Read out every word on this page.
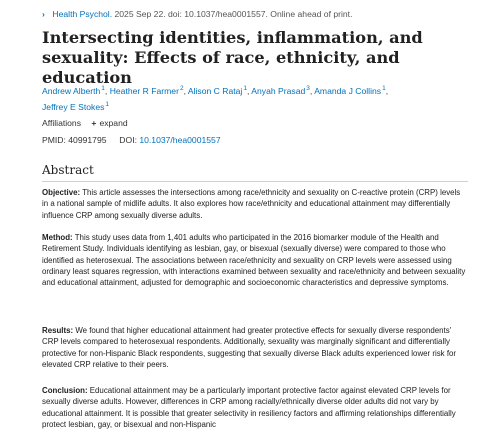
› Health Psychol. 2025 Sep 22. doi: 10.1037/hea0001557. Online ahead of print.
Intersecting identities, inflammation, and sexuality: Effects of race, ethnicity, and education
Andrew Alberth$^1$, Heather R Farmer$^2$, Alison C Rataj$^1$, Anyah Prasad$^3$, Amanda J Collins$^1$,
Jeffrey E Stokes$^1$
Affiliations + expand
PMID: 40991795 DOI: 10.1037/hea0001557
Abstract

Objective: This article assesses the intersections among race/ethnicity and sexuality on C-reactive protein (CRP) levels in a national sample of midlife adults. It also explores how race/ethnicity and educational attainment may differentially influence CRP among sexually diverse adults.

Method: This study uses data from 1,401 adults who participated in the 2016 biomarker module of the Health and Retirement Study. Individuals identifying as lesbian, gay, or bisexual (sexually diverse) were compared to those who identified as heterosexual. The associations between race/ethnicity and sexuality on CRP levels were assessed using ordinary least squares regression, with interactions examined between sexuality and race/ethnicity and between sexuality and educational attainment, adjusted for demographic and socioeconomic characteristics and depressive symptoms.

Results: We found that higher educational attainment had greater protective effects for sexually diverse respondents' CRP levels compared to heterosexual respondents. Additionally, sexuality was marginally significant and differentially protective for non-Hispanic Black respondents, suggesting that sexually diverse Black adults experienced lower risk for elevated CRP relative to their peers.

Conclusion: Educational attainment may be a particularly important protective factor against elevated CRP levels for sexually diverse adults. However, differences in CRP among racially/ethnically diverse older adults did not vary by educational attainment. It is possible that greater selectivity in resiliency factors and affirming relationships differentially protect lesbian, gay, or bisexual and non-Hispanic
